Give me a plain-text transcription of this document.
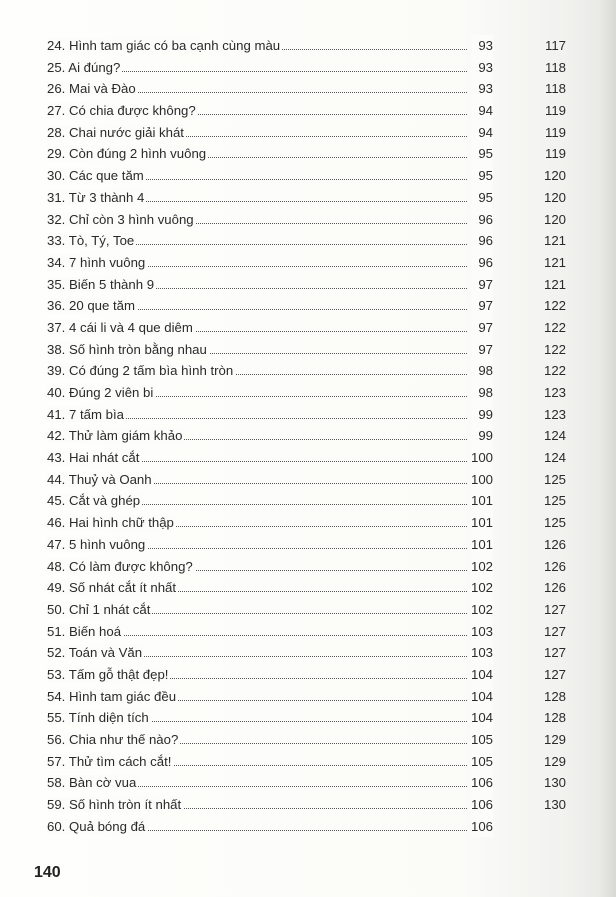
24. Hình tam giác có ba cạnh cùng màu	93	117
25. Ai đúng?	93	118
26. Mai và Đào	93	118
27. Có chia được không?	94	119
28. Chai nước giải khát	94	119
29. Còn đúng 2 hình vuông	95	119
30. Các que tăm	95	120
31. Từ 3 thành 4	95	120
32. Chỉ còn 3 hình vuông	96	120
33. Tò, Tý, Toe	96	121
34. 7 hình vuông	96	121
35. Biến 5 thành 9	97	121
36. 20 que tăm	97	122
37. 4 cái li và 4 que diêm	97	122
38. Số hình tròn bằng nhau	97	122
39. Có đúng 2 tấm bìa hình tròn	98	122
40. Đúng 2 viên bi	98	123
41. 7 tấm bìa	99	123
42. Thử làm giám khảo	99	124
43. Hai nhát cắt	100	124
44. Thuỷ và Oanh	100	125
45. Cắt và ghép	101	125
46. Hai hình chữ thập	101	125
47. 5 hình vuông	101	126
48. Có làm được không?	102	126
49. Số nhát cắt ít nhất	102	126
50. Chỉ 1 nhát cắt	102	127
51. Biến hoá	103	127
52. Toán và Văn	103	127
53. Tấm gỗ thật đẹp!	104	127
54. Hình tam giác đều	104	128
55. Tính diện tích	104	128
56. Chia như thế nào?	105	129
57. Thử tìm cách cắt!	105	129
58. Bàn cờ vua	106	130
59. Số hình tròn ít nhất	106	130
60. Quả bóng đá	106
140
